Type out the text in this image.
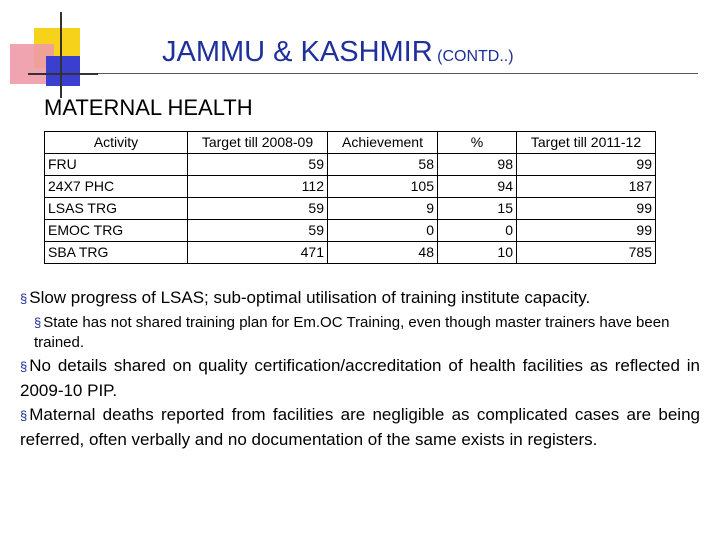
JAMMU & KASHMIR (CONTD..)
MATERNAL HEALTH
Activity	Target till 2008-09	Achievement	%	Target till 2011-12
FRU	59	58	98	99
24X7 PHC	112	105	94	187
LSAS TRG	59	9	15	99
EMOC TRG	59	0	0	99
SBA TRG	471	48	10	785
§ Slow progress of LSAS; sub-optimal utilisation of training institute capacity.
§ State has not shared training plan for Em.OC Training, even though master trainers have been trained.
§ No details shared on quality certification/accreditation of health facilities as reflected in 2009-10 PIP.
§ Maternal deaths reported from facilities are negligible as complicated cases are being referred, often verbally and no documentation of the same exists in registers.
